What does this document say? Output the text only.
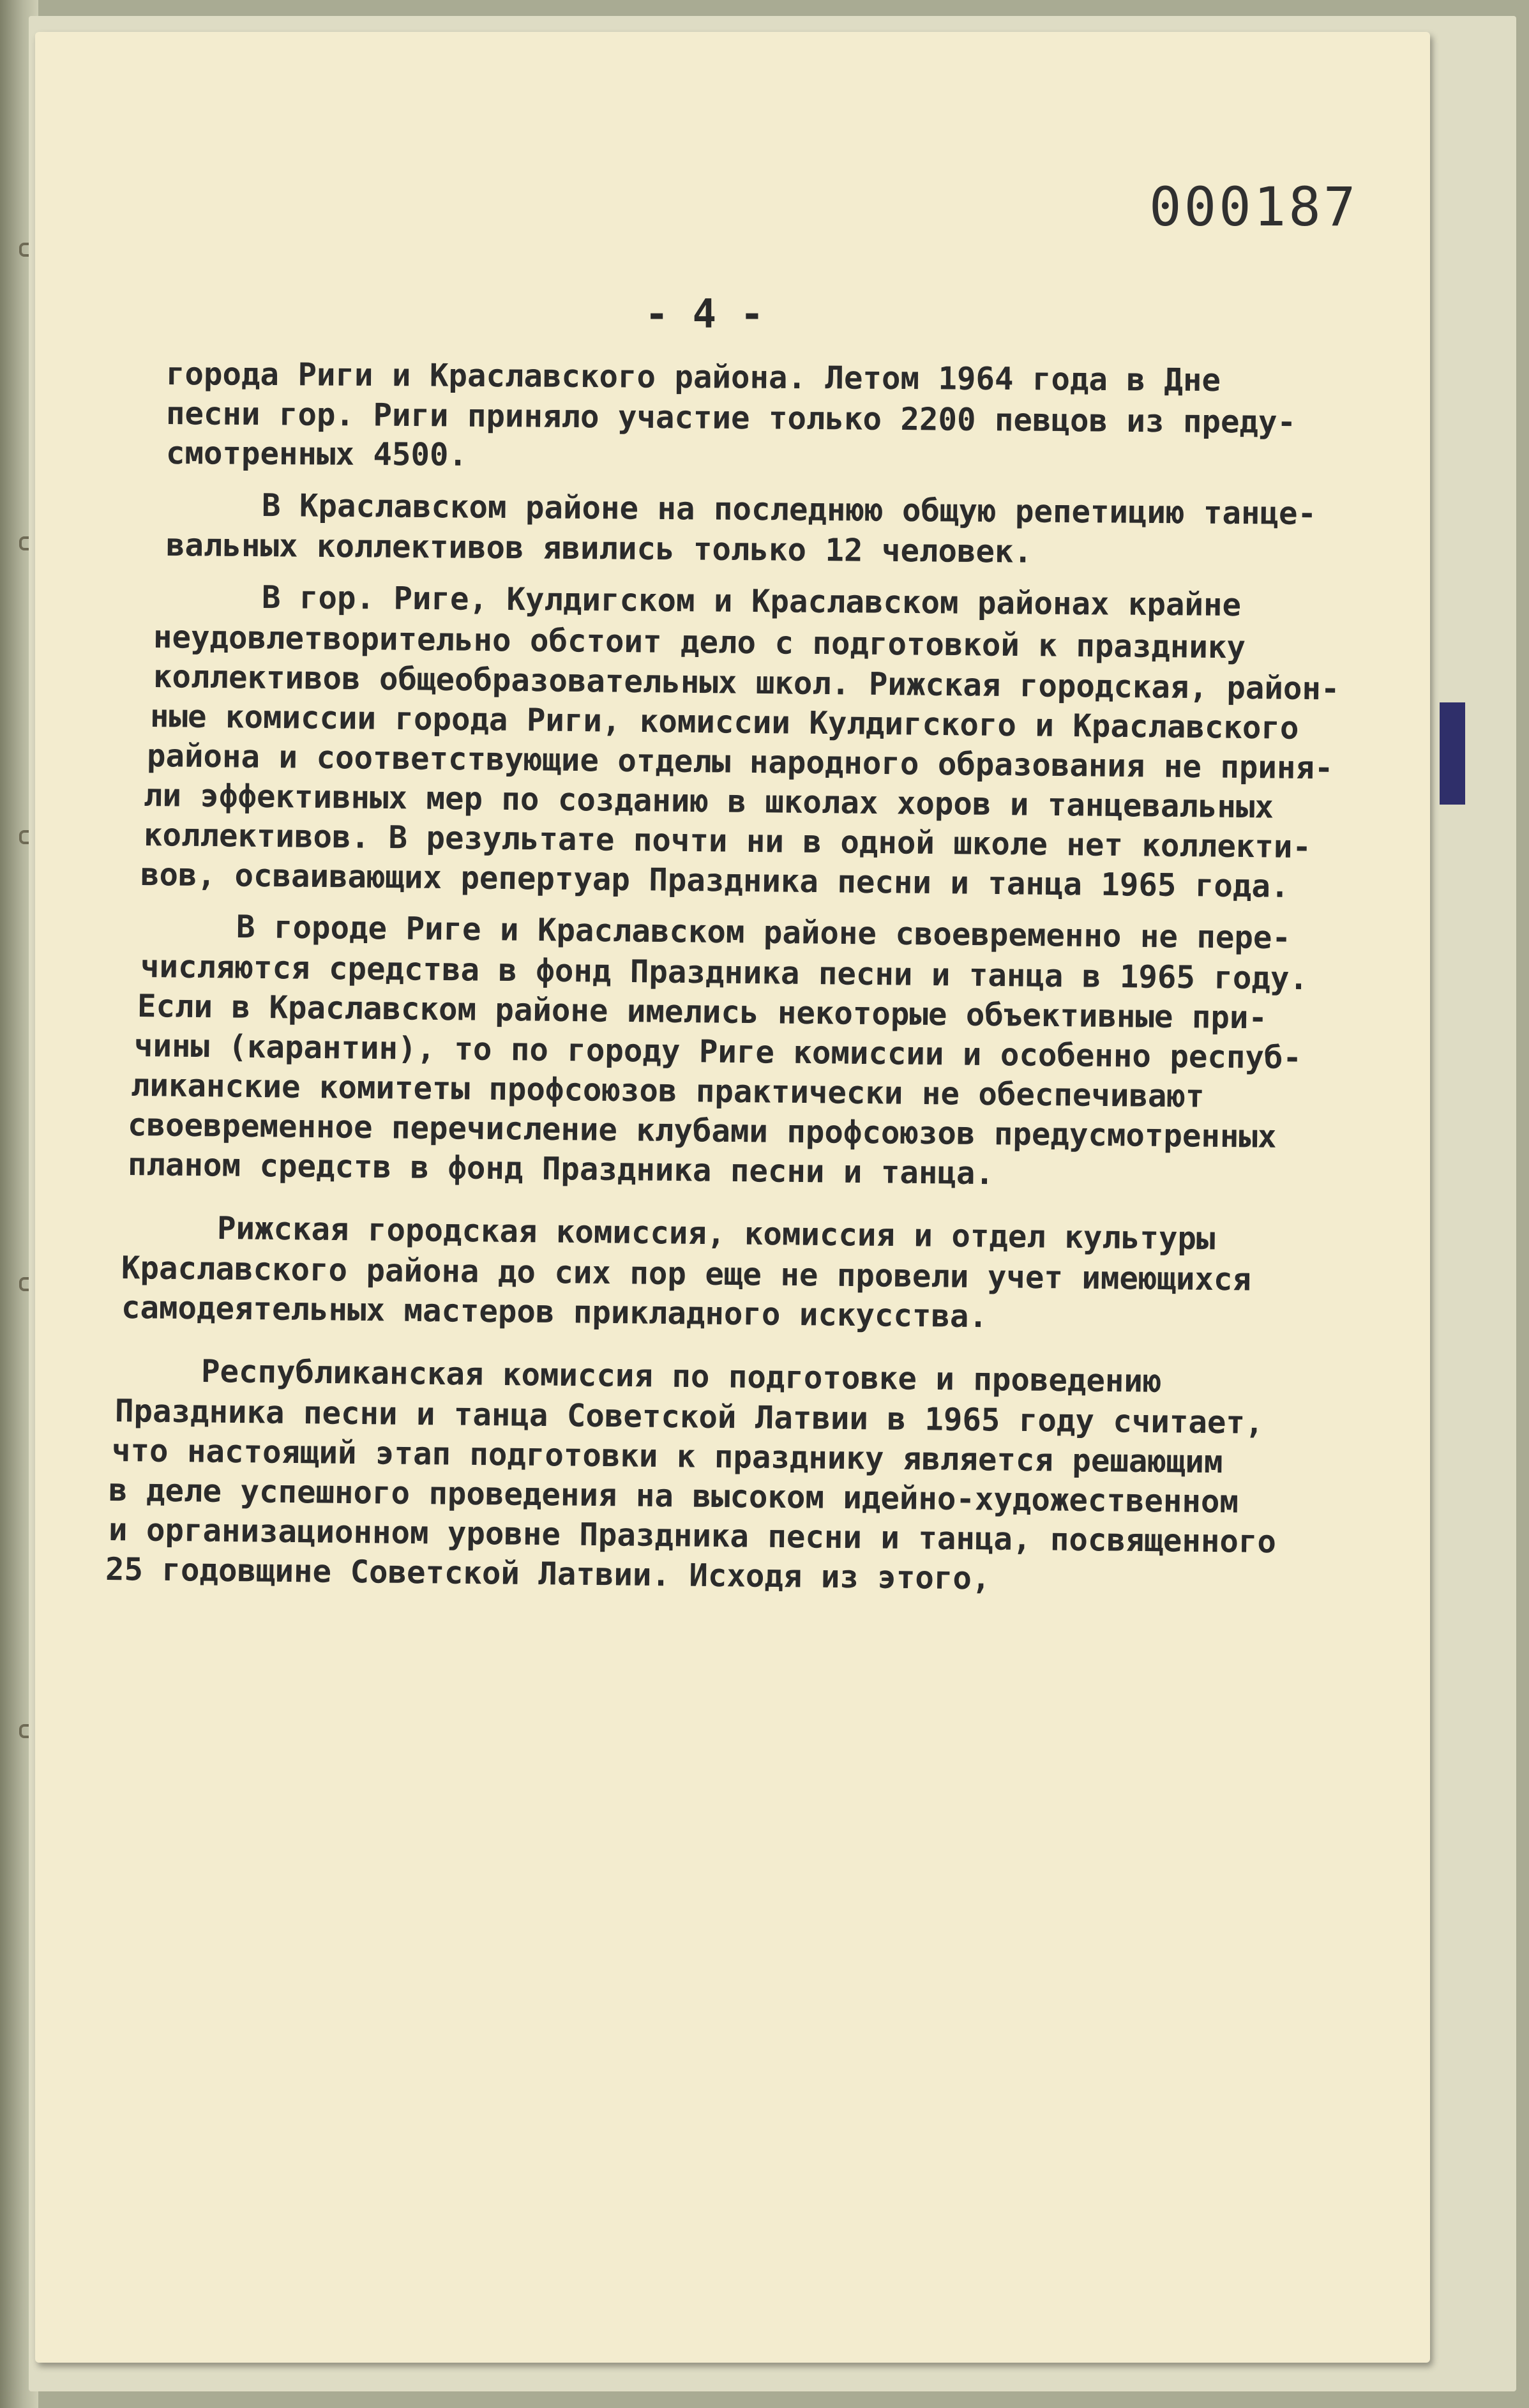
000187
- 4 -
города Риги и Краславского района. Летом 1964 года в Дне
песни гор. Риги приняло участие только 2200 певцов из преду-
смотренных 4500.
В Краславском районе на последнюю общую репетицию танце-
вальных коллективов явились только 12 человек.
В гор. Риге, Кулдигском и Краславском районах крайне
неудовлетворительно обстоит дело с подготовкой к празднику
коллективов общеобразовательных школ. Рижская городская, район-
ные комиссии города Риги, комиссии Кулдигского и Краславского
района и соответствующие отделы народного образования не приня-
ли эффективных мер по созданию в школах хоров и танцевальных
коллективов. В результате почти ни в одной школе нет коллекти-
вов, осваивающих репертуар Праздника песни и танца 1965 года.
В городе Риге и Краславском районе своевременно не пере-
числяются средства в фонд Праздника песни и танца в 1965 году.
Если в Краславском районе имелись некоторые объективные при-
чины (карантин), то по городу Риге комиссии и особенно респуб-
ликанские комитеты профсоюзов практически не обеспечивают
своевременное перечисление клубами профсоюзов предусмотренных
планом средств в фонд Праздника песни и танца.
Рижская городская комиссия, комиссия и отдел культуры
Краславского района до сих пор еще не провели учет имеющихся
самодеятельных мастеров прикладного искусства.
Республиканская комиссия по подготовке и проведению
Праздника песни и танца Советской Латвии в 1965 году считает,
что настоящий этап подготовки к празднику является решающим
в деле успешного проведения на высоком идейно-художественном
и организационном уровне Праздника песни и танца, посвященного
25 годовщине Советской Латвии. Исходя из этого,
